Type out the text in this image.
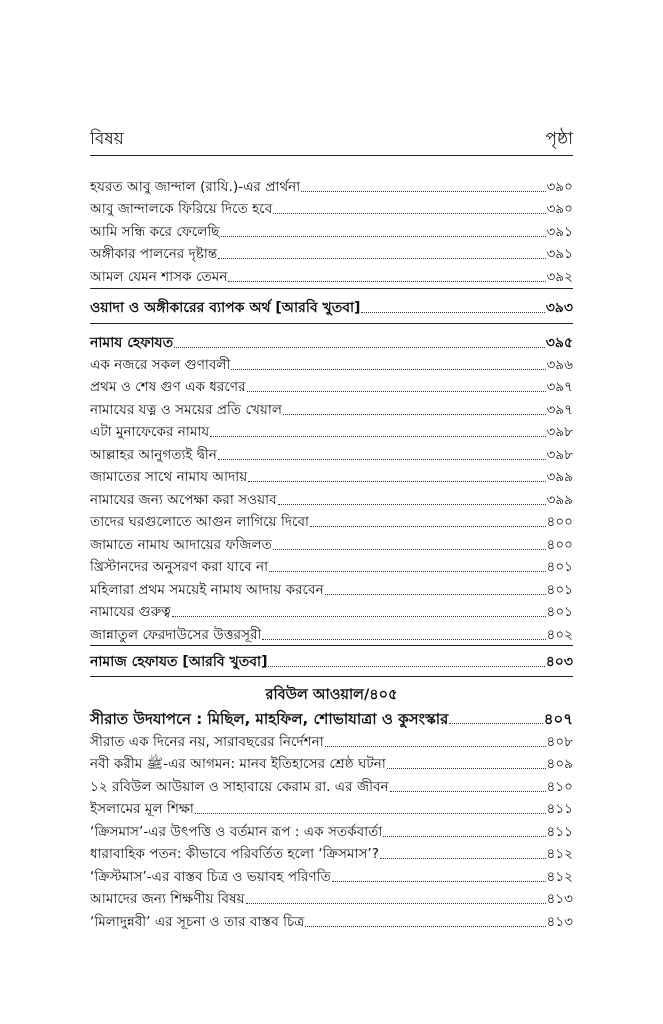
বিষয়	পৃষ্ঠা
হযরত আবু জান্দাল (রাযি.)-এর প্রার্থনা	৩৯০
আবু জান্দালকে ফিরিয়ে দিতে হবে	৩৯০
আমি সন্ধি করে ফেলেছি	৩৯১
অঙ্গীকার পালনের দৃষ্টান্ত	৩৯১
আমল যেমন শাসক তেমন	৩৯২
ওয়াদা ও অঙ্গীকারের ব্যাপক অর্থ [আরবি খুতবা]	৩৯৩
নামায হেফাযত	৩৯৫
এক নজরে সকল গুণাবলী	৩৯৬
প্রথম ও শেষ গুণ এক ধরণের	৩৯৭
নামাযের যত্ন ও সময়ের প্রতি খেয়াল	৩৯৭
এটা মুনাফেকের নামায	৩৯৮
আল্লাহর আনুগত্যই দ্বীন	৩৯৮
জামাতের সাথে নামায আদায়	৩৯৯
নামাযের জন্য অপেক্ষা করা সওয়াব	৩৯৯
তাদের ঘরগুলোতে আগুন লাগিয়ে দিবো	৪০০
জামাতে নামায আদায়ের ফজিলত	৪০০
খ্রিস্টানদের অনুসরণ করা যাবে না	৪০১
মহিলারা প্রথম সময়েই নামায আদায় করবেন	৪০১
নামাযের গুরুত্ব	৪০১
জান্নাতুল ফেরদাউসের উত্তরসূরী	৪০২
নামাজ হেফাযত [আরবি খুতবা]	৪০৩
রবিউল আওয়াল/৪০৫
সীরাত উদযাপনে : মিছিল, মাহফিল, শোভাযাত্রা ও কুসংস্কার	৪০৭
সীরাত এক দিনের নয়, সারাবছরের নির্দেশনা	৪০৮
নবী করীম ﷺ-এর আগমন: মানব ইতিহাসের শ্রেষ্ঠ ঘটনা	৪০৯
১২ রবিউল আউয়াল ও সাহাবায়ে কেরাম রা. এর জীবন	৪১০
ইসলামের মূল শিক্ষা	৪১১
‘ক্রিসমাস’-এর উৎপত্তি ও বর্তমান রূপ : এক সতর্কবার্তা	৪১১
ধারাবাহিক পতন: কীভাবে পরিবর্তিত হলো ‘ক্রিসমাস’?	৪১২
‘ক্রিস্টমাস’-এর বাস্তব চিত্র ও ভয়াবহ পরিণতি	৪১২
আমাদের জন্য শিক্ষণীয় বিষয়	৪১৩
‘মিলাদুন্নবী’ এর সূচনা ও তার বাস্তব চিত্র	৪১৩
